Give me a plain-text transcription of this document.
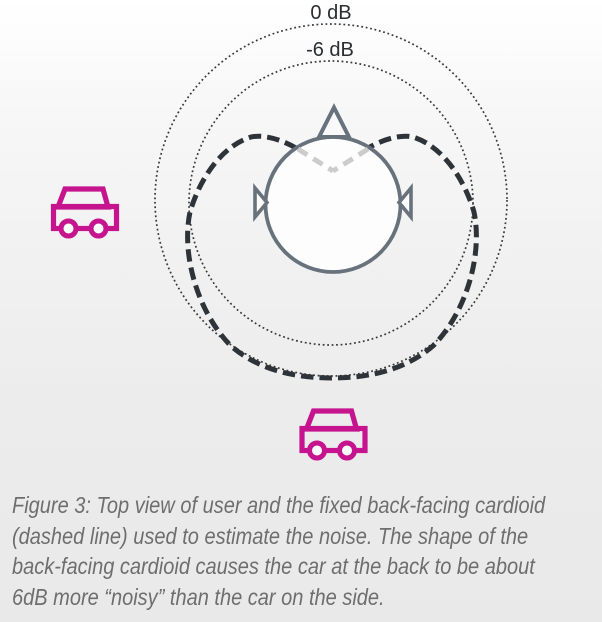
0 dB
-6 dB
Figure 3: Top view of user and the fixed back-facing cardioid
(dashed line) used to estimate the noise. The shape of the
back-facing cardioid causes the car at the back to be about
6dB more “noisy” than the car on the side.
